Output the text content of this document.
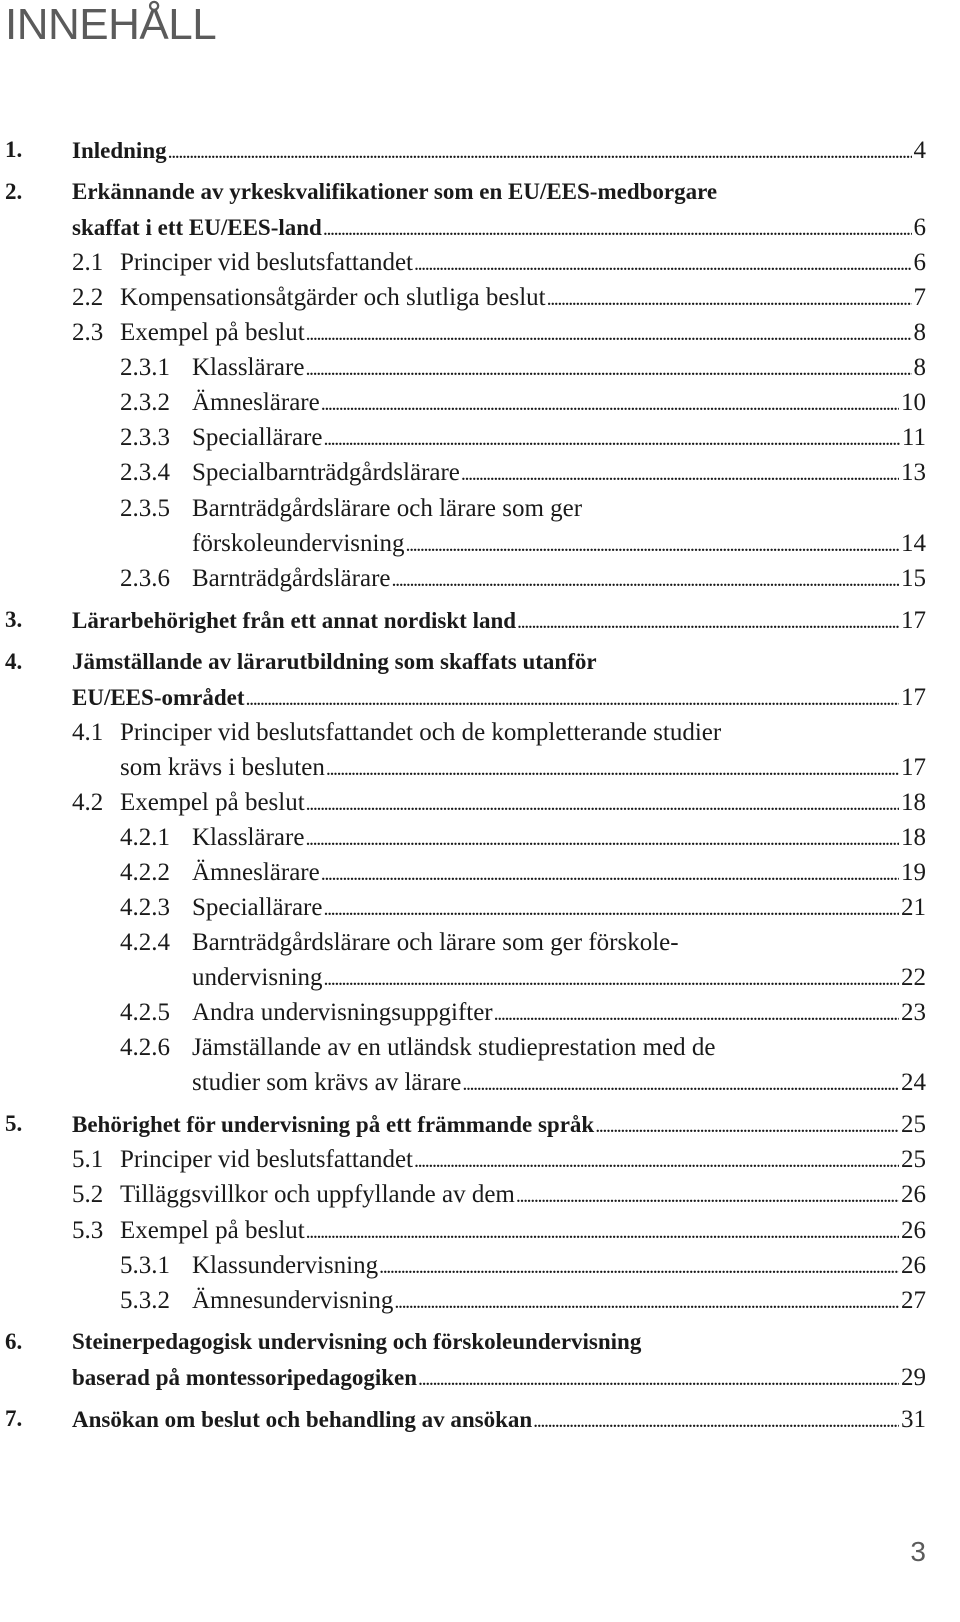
INNEHÅLL
1. Inledning . . .	4
2. Erkännande av yrkeskvalifikationer som en EU/EES-medborgare
skaffat i ett EU/EES-land . . .	6
2.1 Principer vid beslutsfattandet . . .	6
2.2 Kompensationsåtgärder och slutliga beslut . . .	7
2.3 Exempel på beslut . . .	8
2.3.1 Klasslärare . . .	8
2.3.2 Ämneslärare . . .	10
2.3.3 Speciallärare . . .	11
2.3.4 Specialbarnträdgårdslärare . . .	13
2.3.5 Barnträdgårdslärare och lärare som ger
förskoleundervisning . . .	14
2.3.6 Barnträdgårdslärare . . .	15
3. Lärarbehörighet från ett annat nordiskt land . . .	17
4. Jämställande av lärarutbildning som skaffats utanför
EU/EES-området . . .	17
4.1 Principer vid beslutsfattandet och de kompletterande studier
som krävs i besluten . . .	17
4.2 Exempel på beslut . . .	18
4.2.1 Klasslärare . . .	18
4.2.2 Ämneslärare . . .	19
4.2.3 Speciallärare . . .	21
4.2.4 Barnträdgårdslärare och lärare som ger förskole-
undervisning . . .	22
4.2.5 Andra undervisningsuppgifter . . .	23
4.2.6 Jämställande av en utländsk studieprestation med de
studier som krävs av lärare . . .	24
5. Behörighet för undervisning på ett främmande språk . . .	25
5.1 Principer vid beslutsfattandet . . .	25
5.2 Tilläggsvillkor och uppfyllande av dem . . .	26
5.3 Exempel på beslut . . .	26
5.3.1 Klassundervisning . . .	26
5.3.2 Ämnesundervisning . . .	27
6. Steinerpedagogisk undervisning och förskoleundervisning
baserad på montessoripedagogiken . . .	29
7. Ansökan om beslut och behandling av ansökan . . .	31
3
